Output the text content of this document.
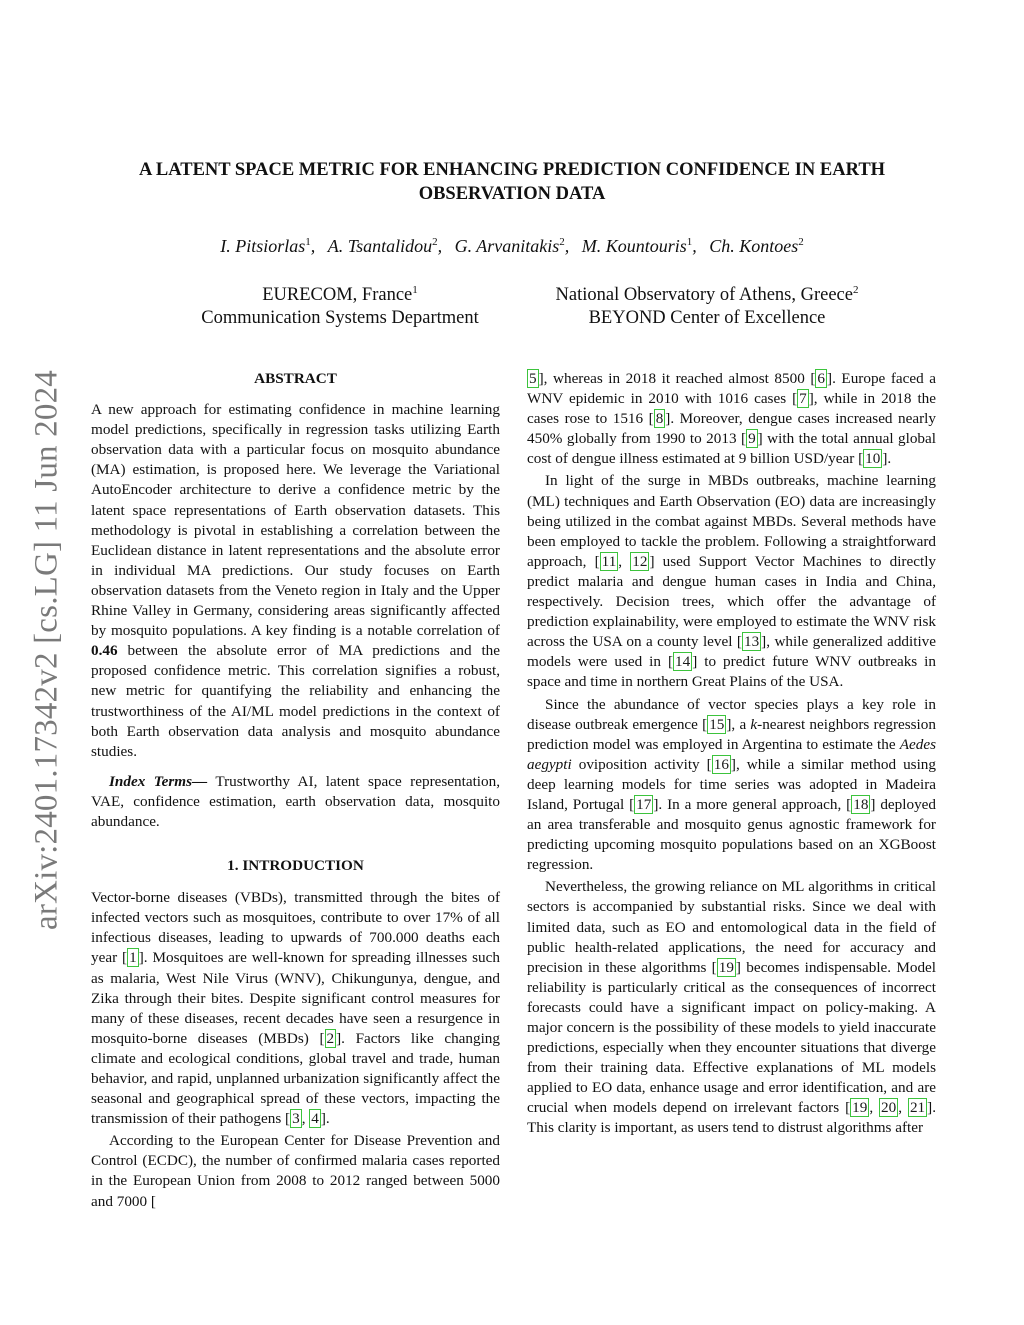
arXiv:2401.17342v2 [cs.LG] 11 Jun 2024
A LATENT SPACE METRIC FOR ENHANCING PREDICTION CONFIDENCE IN EARTH
OBSERVATION DATA
I. Pitsiorlas$^1$, A. Tsantalidou$^2$, G. Arvanitakis$^2$, M. Kountouris$^1$, Ch. Kontoes$^2$
EURECOM, France$^1$
Communication Systems Department
National Observatory of Athens, Greece$^2$
BEYOND Center of Excellence
ABSTRACT

A new approach for estimating confidence in machine learning model predictions, specifically in regression tasks utilizing Earth observation data with a particular focus on mosquito abundance (MA) estimation, is proposed here. We leverage the Variational AutoEncoder architecture to derive a confidence metric by the latent space representations of Earth observation datasets. This methodology is pivotal in establishing a correlation between the Euclidean distance in latent representations and the absolute error in individual MA predictions. Our study focuses on Earth observation datasets from the Veneto region in Italy and the Upper Rhine Valley in Germany, considering areas significantly affected by mosquito populations. A key finding is a notable correlation of 0.46 between the absolute error of MA predictions and the proposed confidence metric. This correlation signifies a robust, new metric for quantifying the reliability and enhancing the trustworthiness of the AI/ML model predictions in the context of both Earth observation data analysis and mosquito abundance studies.

Index Terms— Trustworthy AI, latent space representation, VAE, confidence estimation, earth observation data, mosquito abundance.

1. INTRODUCTION

Vector-borne diseases (VBDs), transmitted through the bites of infected vectors such as mosquitoes, contribute to over 17% of all infectious diseases, leading to upwards of 700.000 deaths each year [ 1 ]. Mosquitoes are well-known for spreading illnesses such as malaria, West Nile Virus (WNV), Chikungunya, dengue, and Zika through their bites. Despite significant control measures for many of these diseases, recent decades have seen a resurgence in mosquito-borne diseases (MBDs) [ 2 ]. Factors like changing climate and ecological conditions, global travel and trade, human behavior, and rapid, unplanned urbanization significantly affect the seasonal and geographical spread of these vectors, impacting the transmission of their pathogens [ 3 , 4 ].

According to the European Center for Disease Prevention and Control (ECDC), the number of confirmed malaria cases reported in the European Union from 2008 to 2012 ranged between 5000 and 7000 [

5 ], whereas in 2018 it reached almost 8500 [ 6 ]. Europe faced a WNV epidemic in 2010 with 1016 cases [ 7 ], while in 2018 the cases rose to 1516 [ 8 ]. Moreover, dengue cases increased nearly 450% globally from 1990 to 2013 [ 9 ] with the total annual global cost of dengue illness estimated at 9 billion USD/year [ 10 ].

In light of the surge in MBDs outbreaks, machine learning (ML) techniques and Earth Observation (EO) data are increasingly being utilized in the combat against MBDs. Several methods have been employed to tackle the problem. Following a straightforward approach, [ 11 , 12 ] used Support Vector Machines to directly predict malaria and dengue human cases in India and China, respectively. Decision trees, which offer the advantage of prediction explainability, were employed to estimate the WNV risk across the USA on a county level [ 13 ], while generalized additive models were used in [ 14 ] to predict future WNV outbreaks in space and time in northern Great Plains of the USA.

Since the abundance of vector species plays a key role in disease outbreak emergence [ 15 ], a k-nearest neighbors regression prediction model was employed in Argentina to estimate the Aedes aegypti oviposition activity [ 16 ], while a similar method using deep learning models for time series was adopted in Madeira Island, Portugal [ 17 ]. In a more general approach, [ 18 ] deployed an area transferable and mosquito genus agnostic framework for predicting upcoming mosquito populations based on an XGBoost regression.

Nevertheless, the growing reliance on ML algorithms in critical sectors is accompanied by substantial risks. Since we deal with limited data, such as EO and entomological data in the field of public health-related applications, the need for accuracy and precision in these algorithms [ 19 ] becomes indispensable. Model reliability is particularly critical as the consequences of incorrect forecasts could have a significant impact on policy-making. A major concern is the possibility of these models to yield inaccurate predictions, especially when they encounter situations that diverge from their training data. Effective explanations of ML models applied to EO data, enhance usage and error identification, and are crucial when models depend on irrelevant factors [ 19 , 20 , 21 ]. This clarity is important, as users tend to distrust algorithms after
